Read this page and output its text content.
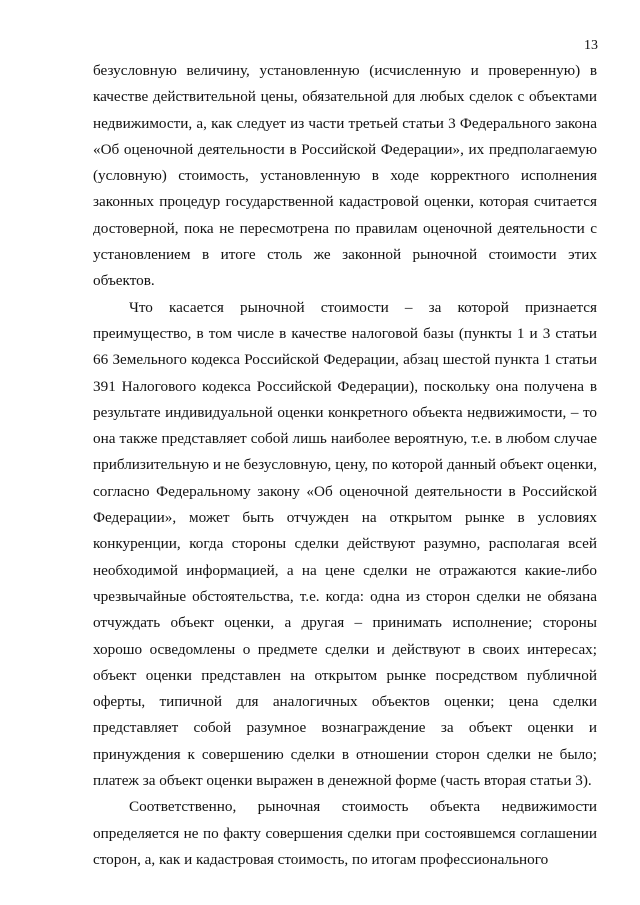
13

безусловную величину, установленную (исчисленную и проверенную) в качестве действительной цены, обязательной для любых сделок с объектами недвижимости, а, как следует из части третьей статьи 3 Федерального закона «Об оценочной деятельности в Российской Федерации», их предполагаемую (условную) стоимость, установленную в ходе корректного исполнения законных процедур государственной кадастровой оценки, которая считается достоверной, пока не пересмотрена по правилам оценочной деятельности с установлением в итоге столь же законной рыночной стоимости этих объектов.

Что касается рыночной стоимости – за которой признается преимущество, в том числе в качестве налоговой базы (пункты 1 и 3 статьи 66 Земельного кодекса Российской Федерации, абзац шестой пункта 1 статьи 391 Налогового кодекса Российской Федерации), поскольку она получена в результате индивидуальной оценки конкретного объекта недвижимости, – то она также представляет собой лишь наиболее вероятную, т.е. в любом случае приблизительную и не безусловную, цену, по которой данный объект оценки, согласно Федеральному закону «Об оценочной деятельности в Российской Федерации», может быть отчужден на открытом рынке в условиях конкуренции, когда стороны сделки действуют разумно, располагая всей необходимой информацией, а на цене сделки не отражаются какие-либо чрезвычайные обстоятельства, т.е. когда: одна из сторон сделки не обязана отчуждать объект оценки, а другая – принимать исполнение; стороны хорошо осведомлены о предмете сделки и действуют в своих интересах; объект оценки представлен на открытом рынке посредством публичной оферты, типичной для аналогичных объектов оценки; цена сделки представляет собой разумное вознаграждение за объект оценки и принуждения к совершению сделки в отношении сторон сделки не было; платеж за объект оценки выражен в денежной форме (часть вторая статьи 3).

Соответственно, рыночная стоимость объекта недвижимости определяется не по факту совершения сделки при состоявшемся соглашении сторон, а, как и кадастровая стоимость, по итогам профессионального
